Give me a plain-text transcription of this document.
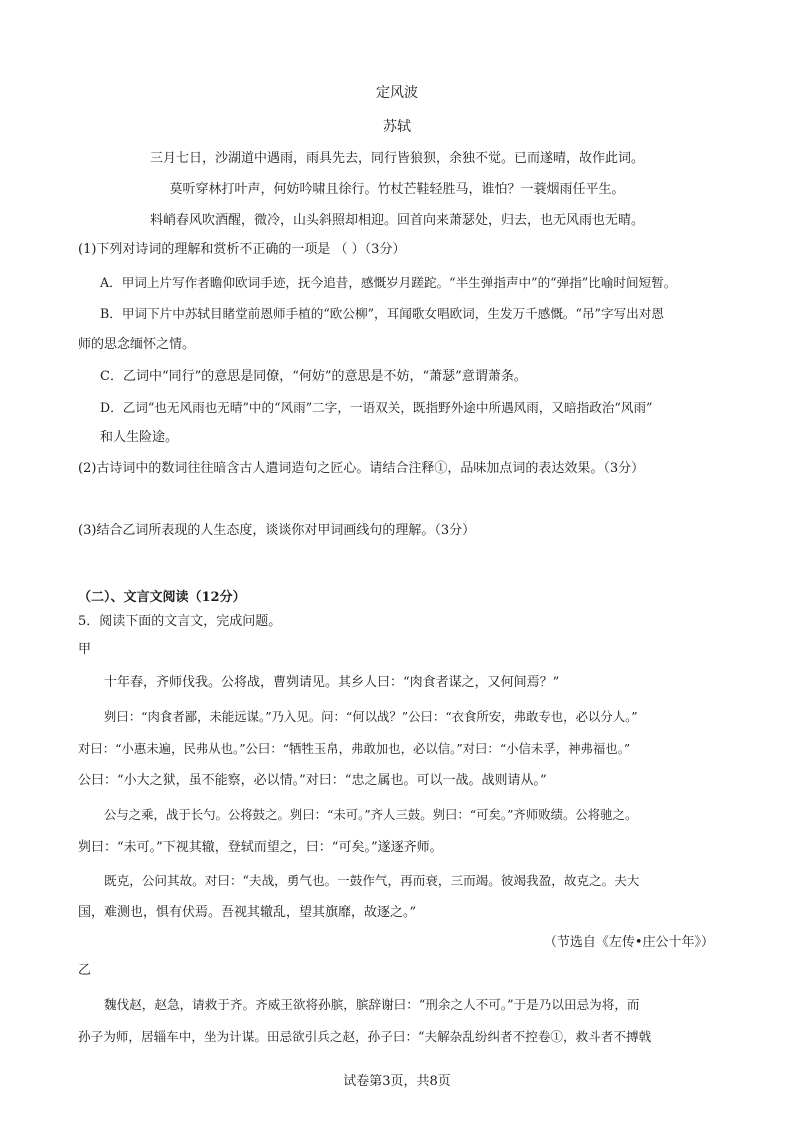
定风波
苏轼
三月七日，沙湖道中遇雨，雨具先去，同行皆狼狈，余独不觉。已而遂晴，故作此词。
莫听穿林打叶声，何妨吟啸且徐行。竹杖芒鞋轻胜马，谁怕？一蓑烟雨任平生。
料峭春风吹酒醒，微冷，山头斜照却相迎。回首向来萧瑟处，归去，也无风雨也无晴。
(1)下列对诗词的理解和赏析不正确的一项是 （ ）（3分）
A．甲词上片写作者瞻仰欧词手迹，抚今追昔，感慨岁月蹉跎。“半生弹指声中”的“弹指”比喻时间短暂。
B．甲词下片中苏轼目睹堂前恩师手植的“欧公柳”，耳闻歌女唱欧词，生发万千感慨。“吊”字写出对恩
师的思念缅怀之情。
C．乙词中“同行”的意思是同僚，“何妨”的意思是不妨，“萧瑟”意谓萧条。
D．乙词“也无风雨也无晴”中的“风雨”二字，一语双关，既指野外途中所遇风雨，又暗指政治“风雨”
和人生险途。
(2)古诗词中的数词往往暗含古人遣词造句之匠心。请结合注释①，品味加点词的表达效果。（3分）
(3)结合乙词所表现的人生态度，谈谈你对甲词画线句的理解。（3分）
（二）、文言文阅读（12分）
5．阅读下面的文言文，完成问题。
甲
十年春，齐师伐我。公将战，曹刿请见。其乡人曰：“肉食者谋之，又何间焉？”
刿曰：“肉食者鄙，未能远谋。”乃入见。问：“何以战？”公曰：“衣食所安，弗敢专也，必以分人。”
对曰：“小惠未遍，民弗从也。”公曰：“牺牲玉帛，弗敢加也，必以信。”对曰：“小信未孚，神弗福也。”
公曰：“小大之狱，虽不能察，必以情。”对曰：“忠之属也。可以一战。战则请从。”
公与之乘，战于长勺。公将鼓之。刿曰：“未可。”齐人三鼓。刿曰：“可矣。”齐师败绩。公将驰之。
刿曰：“未可。”下视其辙，登轼而望之，曰：“可矣。”遂逐齐师。
既克，公问其故。对曰：“夫战，勇气也。一鼓作气，再而衰，三而竭。彼竭我盈，故克之。夫大
国，难测也，惧有伏焉。吾视其辙乱，望其旗靡，故逐之。”
（节选自《左传•庄公十年》）
乙
魏伐赵，赵急，请救于齐。齐威王欲将孙膑，膑辞谢曰：“刑余之人不可。”于是乃以田忌为将，而
孙子为师，居辎车中，坐为计谋。田忌欲引兵之赵，孙子曰：“夫解杂乱纷纠者不控卷①，救斗者不搏戟
试卷第3页，共8页
